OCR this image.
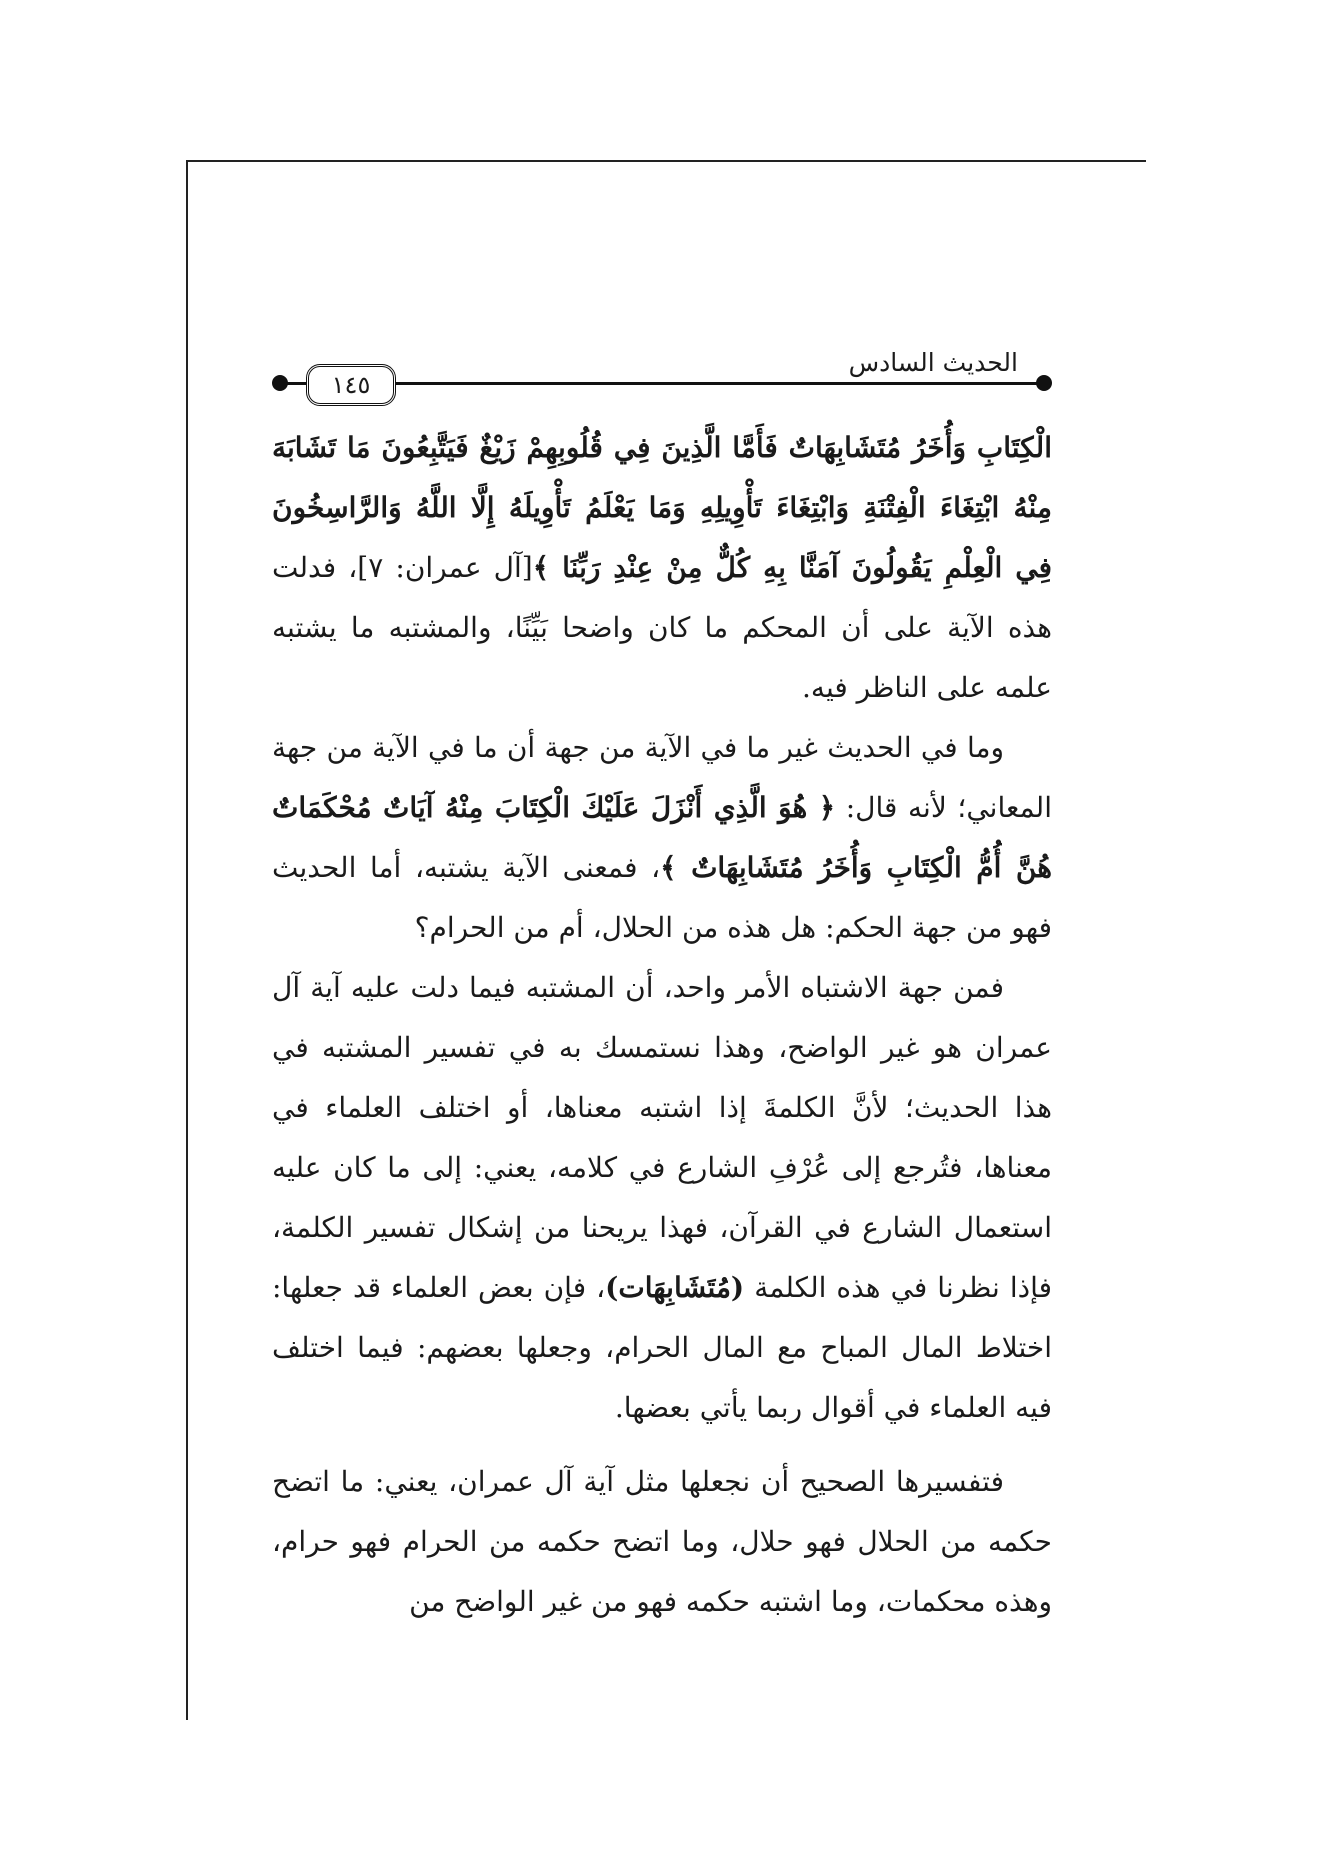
١٤٥
الحديث السادس

الْكِتَابِ وَأُخَرُ مُتَشَابِهَاتٌ فَأَمَّا الَّذِينَ فِي قُلُوبِهِمْ زَيْغٌ فَيَتَّبِعُونَ مَا تَشَابَهَ مِنْهُ ابْتِغَاءَ الْفِتْنَةِ وَابْتِغَاءَ تَأْوِيلِهِ وَمَا يَعْلَمُ تَأْوِيلَهُ إِلَّا اللَّهُ وَالرَّاسِخُونَ فِي الْعِلْمِ يَقُولُونَ آمَنَّا بِهِ كُلٌّ مِنْ عِنْدِ رَبِّنَا ﴾[آل عمران: ٧]، فدلت هذه الآية على أن المحكم ما كان واضحا بَيِّنًا، والمشتبه ما يشتبه علمه على الناظر فيه.

وما في الحديث غير ما في الآية من جهة أن ما في الآية من جهة المعاني؛ لأنه قال: ﴿ هُوَ الَّذِي أَنْزَلَ عَلَيْكَ الْكِتَابَ مِنْهُ آيَاتٌ مُحْكَمَاتٌ هُنَّ أُمُّ الْكِتَابِ وَأُخَرُ مُتَشَابِهَاتٌ ﴾، فمعنى الآية يشتبه، أما الحديث فهو من جهة الحكم: هل هذه من الحلال، أم من الحرام؟

فمن جهة الاشتباه الأمر واحد، أن المشتبه فيما دلت عليه آية آل عمران هو غير الواضح، وهذا نستمسك به في تفسير المشتبه في هذا الحديث؛ لأنَّ الكلمةَ إذا اشتبه معناها، أو اختلف العلماء في معناها، فتُرجع إلى عُرْفِ الشارع في كلامه، يعني: إلى ما كان عليه استعمال الشارع في القرآن، فهذا يريحنا من إشكال تفسير الكلمة، فإذا نظرنا في هذه الكلمة (مُتَشَابِهَات)، فإن بعض العلماء قد جعلها: اختلاط المال المباح مع المال الحرام، وجعلها بعضهم: فيما اختلف فيه العلماء في أقوال ربما يأتي بعضها.

فتفسيرها الصحيح أن نجعلها مثل آية آل عمران، يعني: ما اتضح حكمه من الحلال فهو حلال، وما اتضح حكمه من الحرام فهو حرام، وهذه محكمات، وما اشتبه حكمه فهو من غير الواضح من
